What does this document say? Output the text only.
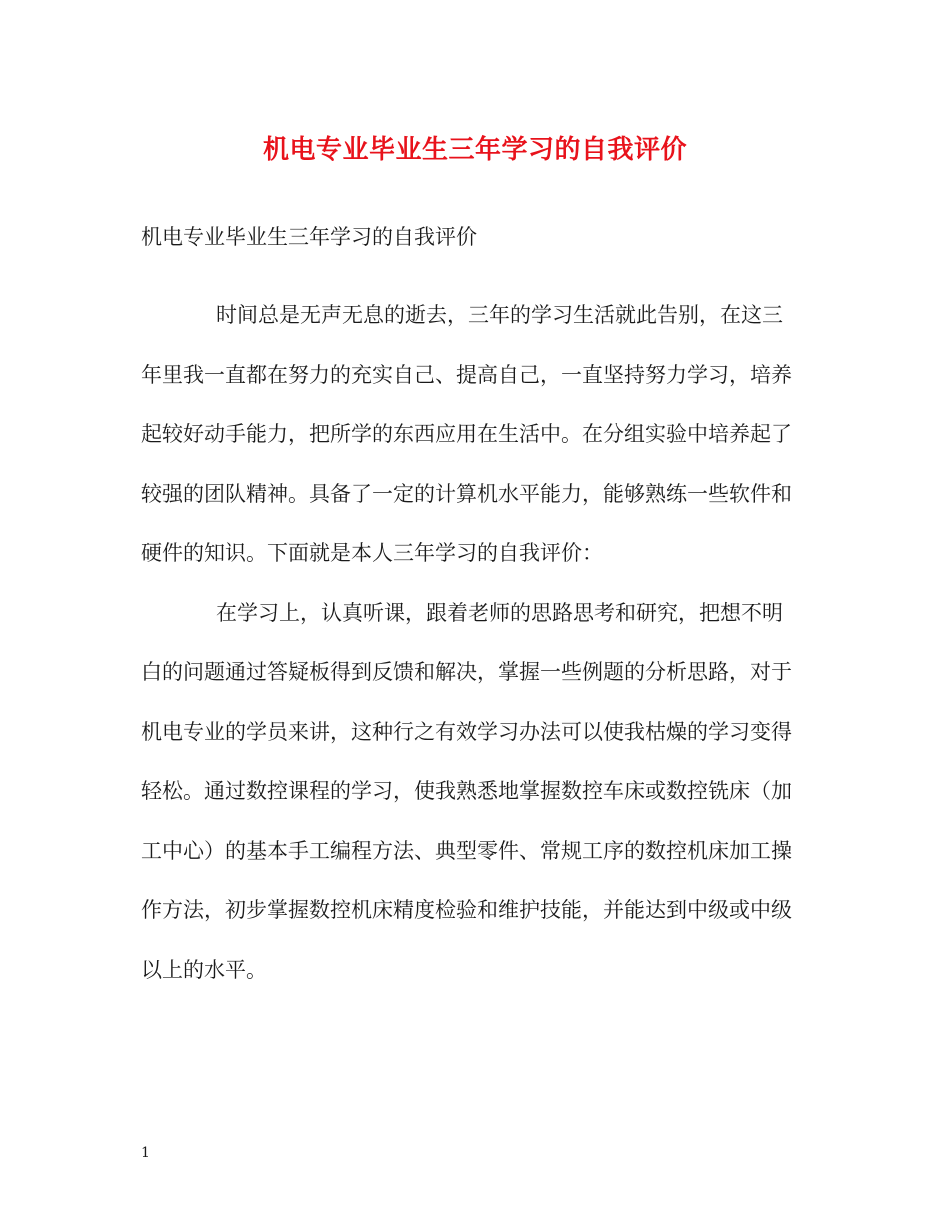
机电专业毕业生三年学习的自我评价
机电专业毕业生三年学习的自我评价
时间总是无声无息的逝去，三年的学习生活就此告别，在这三
年里我一直都在努力的充实自己、提高自己，一直坚持努力学习，培养
起较好动手能力，把所学的东西应用在生活中。在分组实验中培养起了
较强的团队精神。具备了一定的计算机水平能力，能够熟练一些软件和
硬件的知识。下面就是本人三年学习的自我评价：
在学习上，认真听课，跟着老师的思路思考和研究，把想不明
白的问题通过答疑板得到反馈和解决，掌握一些例题的分析思路，对于
机电专业的学员来讲，这种行之有效学习办法可以使我枯燥的学习变得
轻松。通过数控课程的学习，使我熟悉地掌握数控车床或数控铣床（加
工中心）的基本手工编程方法、典型零件、常规工序的数控机床加工操
作方法，初步掌握数控机床精度检验和维护技能，并能达到中级或中级
以上的水平。
1
